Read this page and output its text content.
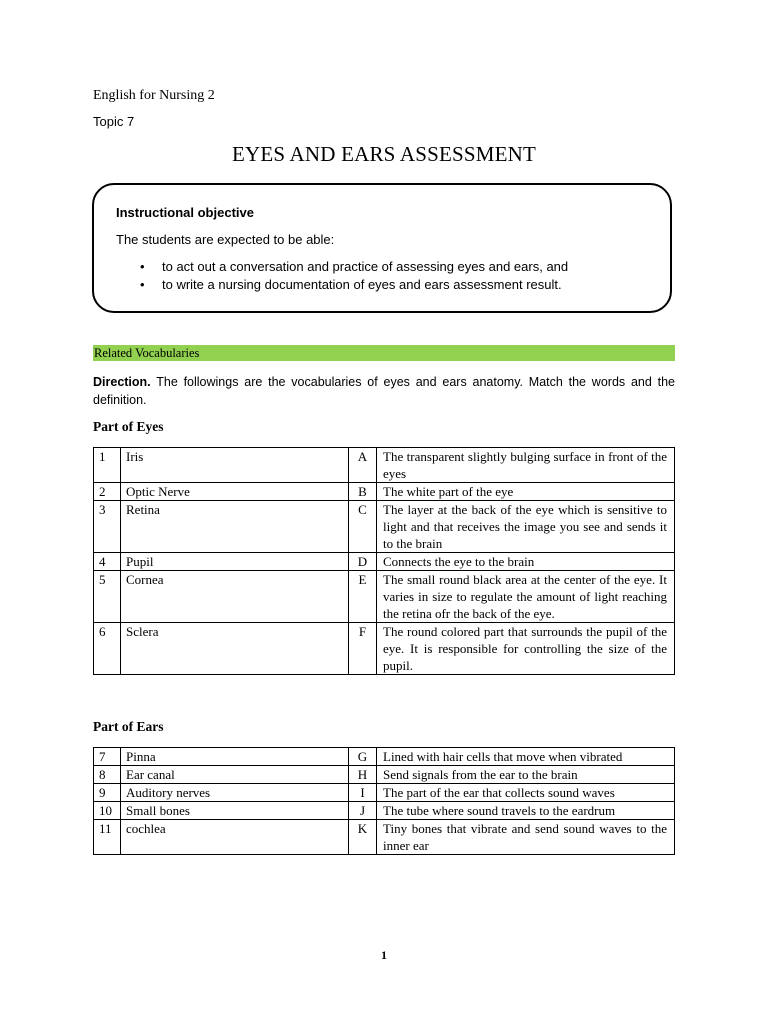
English for Nursing 2
Topic 7
EYES AND EARS ASSESSMENT
Instructional objective
The students are expected to be able:
• to act out a conversation and practice of assessing eyes and ears, and
• to write a nursing documentation of eyes and ears assessment result.
Related Vocabularies
Direction. The followings are the vocabularies of eyes and ears anatomy. Match the words and the definition.
Part of Eyes
1	Iris	A	The transparent slightly bulging surface in front of the eyes
2	Optic Nerve	B	The white part of the eye
3	Retina	C	The layer at the back of the eye which is sensitive to light and that receives the image you see and sends it to the brain
4	Pupil	D	Connects the eye to the brain
5	Cornea	E	The small round black area at the center of the eye. It varies in size to regulate the amount of light reaching the retina ofr the back of the eye.
6	Sclera	F	The round colored part that surrounds the pupil of the eye. It is responsible for controlling the size of the pupil.
Part of Ears
7	Pinna	G	Lined with hair cells that move when vibrated
8	Ear canal	H	Send signals from the ear to the brain
9	Auditory nerves	I	The part of the ear that collects sound waves
10	Small bones	J	The tube where sound travels to the eardrum
11	cochlea	K	Tiny bones that vibrate and send sound waves to the inner ear
1
